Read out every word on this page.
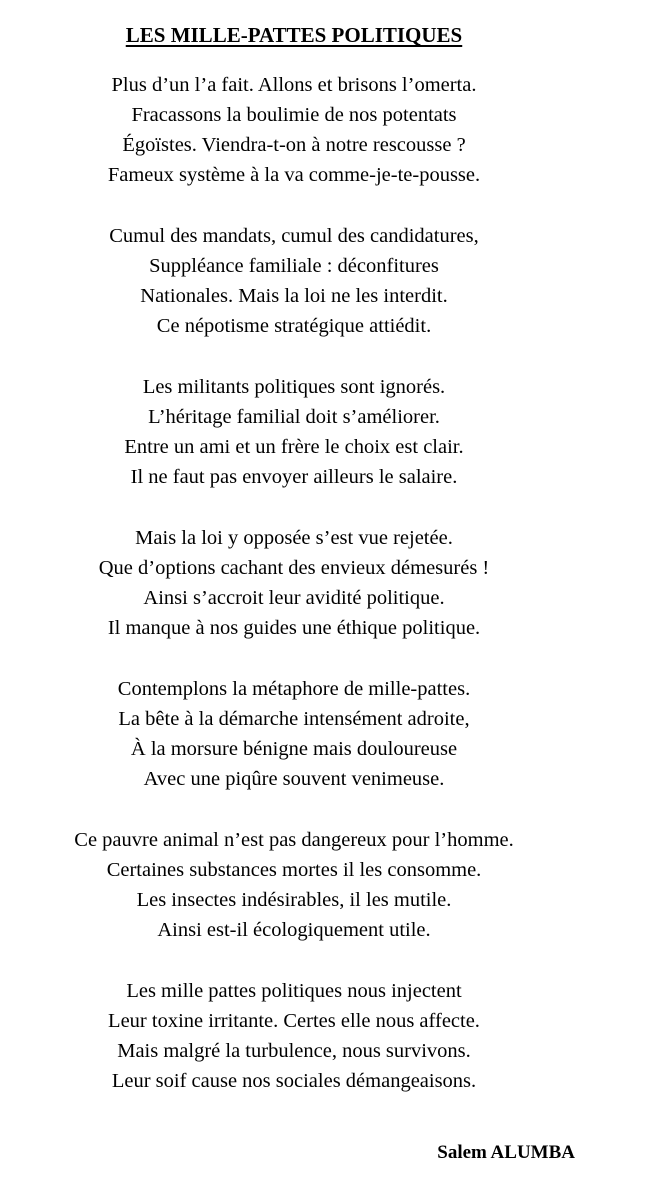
LES MILLE-PATTES POLITIQUES
Plus d’un l’a fait. Allons et brisons l’omerta.
Fracassons la boulimie de nos potentats
Égoïstes. Viendra-t-on à notre rescousse ?
Fameux système à la va comme-je-te-pousse.
Cumul des mandats, cumul des candidatures,
Suppléance familiale : déconfitures
Nationales. Mais la loi ne les interdit.
Ce népotisme stratégique attiédit.
Les militants politiques sont ignorés.
L’héritage familial doit s’améliorer.
Entre un ami et un frère le choix est clair.
Il ne faut pas envoyer ailleurs le salaire.
Mais la loi y opposée s’est vue rejetée.
Que d’options cachant des envieux démesurés !
Ainsi s’accroit leur avidité politique.
Il manque à nos guides une éthique politique.
Contemplons la métaphore de mille-pattes.
La bête à la démarche intensément adroite,
À la morsure bénigne mais douloureuse
Avec une piqûre souvent venimeuse.
Ce pauvre animal n’est pas dangereux pour l’homme.
Certaines substances mortes il les consomme.
Les insectes indésirables, il les mutile.
Ainsi est-il écologiquement utile.
Les mille pattes politiques nous injectent
Leur toxine irritante. Certes elle nous affecte.
Mais malgré la turbulence, nous survivons.
Leur soif cause nos sociales démangeaisons.
Salem ALUMBA
